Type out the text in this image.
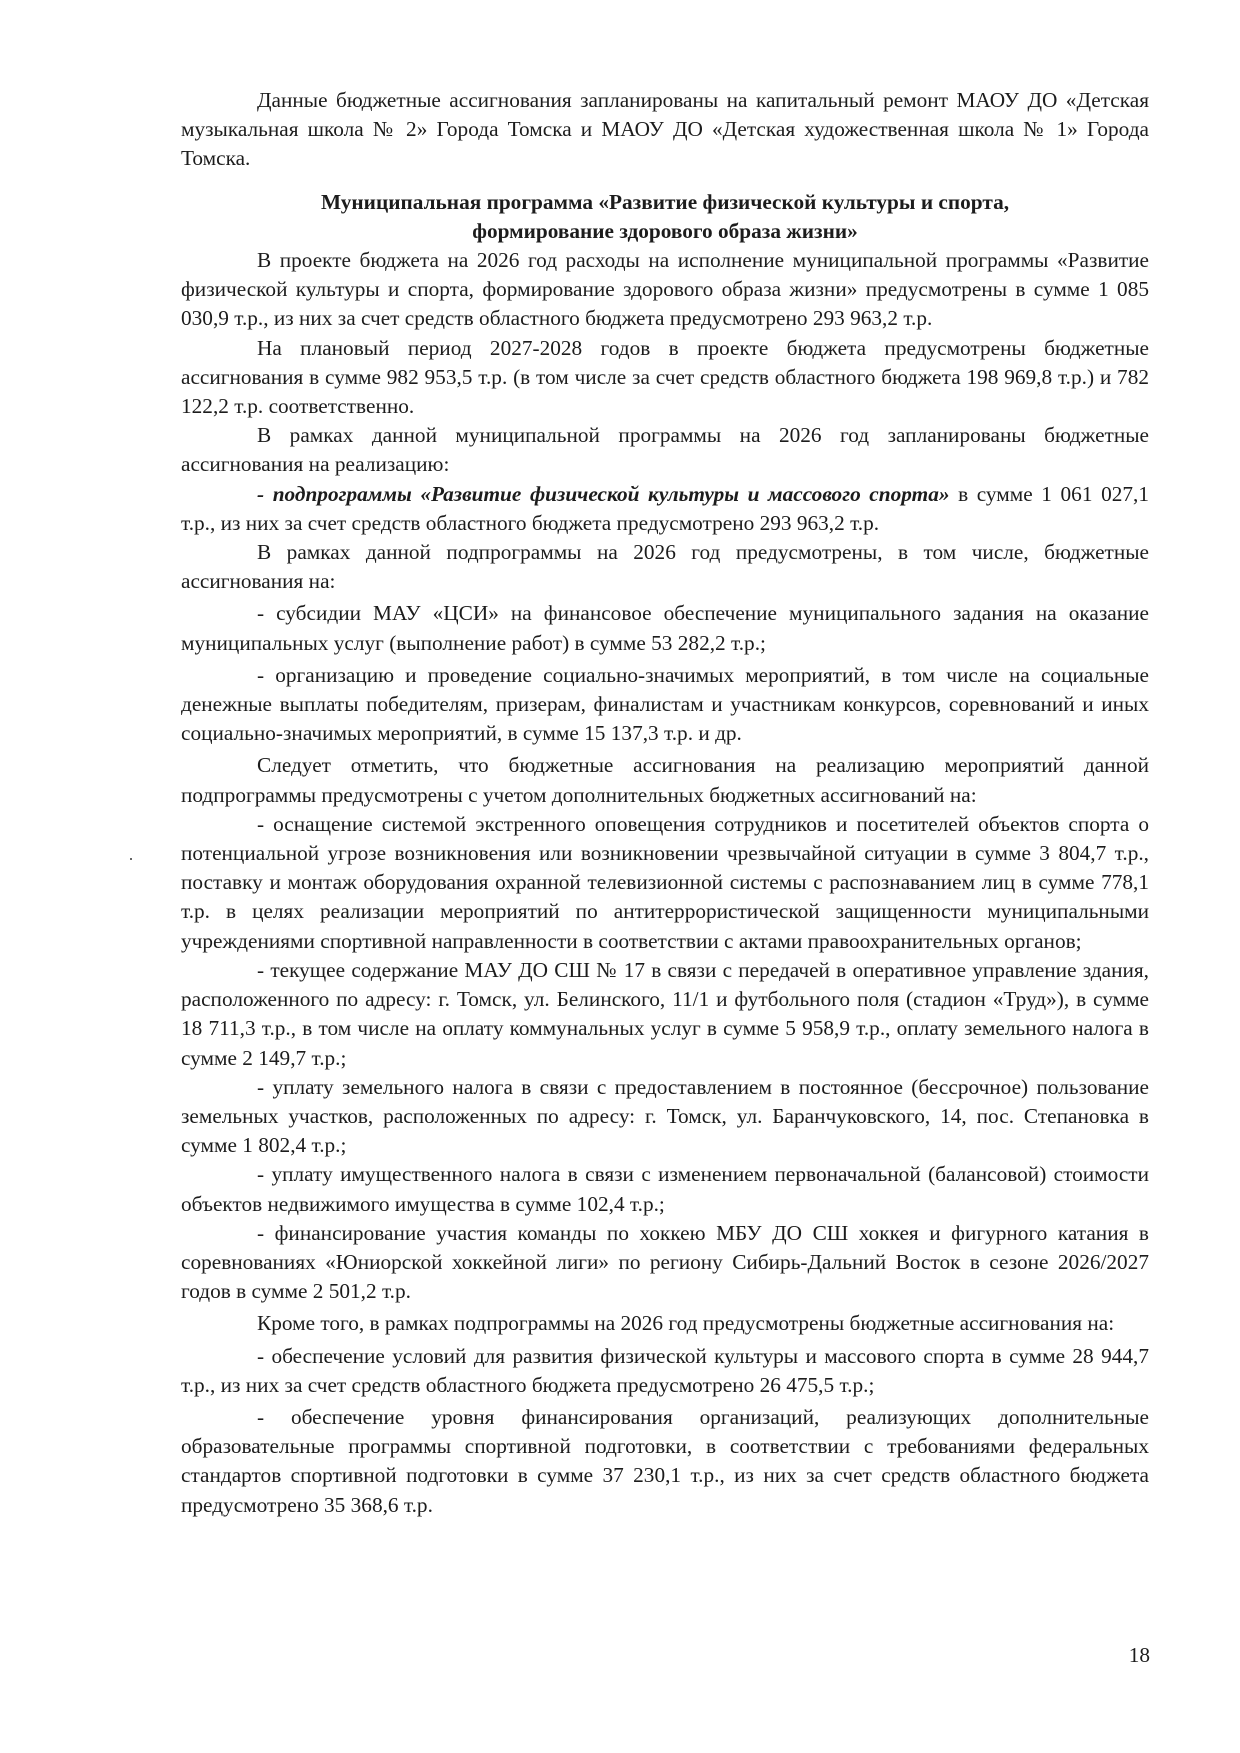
Данные бюджетные ассигнования запланированы на капитальный ремонт МАОУ ДО «Детская музыкальная школа № 2» Города Томска и МАОУ ДО «Детская художественная школа № 1» Города Томска.

Муниципальная программа «Развитие физической культуры и спорта,
формирование здорового образа жизни»

В проекте бюджета на 2026 год расходы на исполнение муниципальной программы «Развитие физической культуры и спорта, формирование здорового образа жизни» предусмотрены в сумме 1 085 030,9 т.р., из них за счет средств областного бюджета предусмотрено 293 963,2 т.р.

На плановый период 2027-2028 годов в проекте бюджета предусмотрены бюджетные ассигнования в сумме 982 953,5 т.р. (в том числе за счет средств областного бюджета 198 969,8 т.р.) и 782 122,2 т.р. соответственно.

В рамках данной муниципальной программы на 2026 год запланированы бюджетные ассигнования на реализацию:

- подпрограммы «Развитие физической культуры и массового спорта» в сумме 1 061 027,1 т.р., из них за счет средств областного бюджета предусмотрено 293 963,2 т.р.

В рамках данной подпрограммы на 2026 год предусмотрены, в том числе, бюджетные ассигнования на:

- субсидии МАУ «ЦСИ» на финансовое обеспечение муниципального задания на оказание муниципальных услуг (выполнение работ) в сумме 53 282,2 т.р.;

- организацию и проведение социально-значимых мероприятий, в том числе на социальные денежные выплаты победителям, призерам, финалистам и участникам конкурсов, соревнований и иных социально-значимых мероприятий, в сумме 15 137,3 т.р. и др.

Следует отметить, что бюджетные ассигнования на реализацию мероприятий данной подпрограммы предусмотрены с учетом дополнительных бюджетных ассигнований на:

- оснащение системой экстренного оповещения сотрудников и посетителей объектов спорта о потенциальной угрозе возникновения или возникновении чрезвычайной ситуации в сумме 3 804,7 т.р., поставку и монтаж оборудования охранной телевизионной системы с распознаванием лиц в сумме 778,1 т.р. в целях реализации мероприятий по антитеррористической защищенности муниципальными учреждениями спортивной направленности в соответствии с актами правоохранительных органов;

- текущее содержание МАУ ДО СШ № 17 в связи с передачей в оперативное управление здания, расположенного по адресу: г. Томск, ул. Белинского, 11/1 и футбольного поля (стадион «Труд»), в сумме 18 711,3 т.р., в том числе на оплату коммунальных услуг в сумме 5 958,9 т.р., оплату земельного налога в сумме 2 149,7 т.р.;

- уплату земельного налога в связи с предоставлением в постоянное (бессрочное) пользование земельных участков, расположенных по адресу: г. Томск, ул. Баранчуковского, 14, пос. Степановка в сумме 1 802,4 т.р.;

- уплату имущественного налога в связи с изменением первоначальной (балансовой) стоимости объектов недвижимого имущества в сумме 102,4 т.р.;

- финансирование участия команды по хоккею МБУ ДО СШ хоккея и фигурного катания в соревнованиях «Юниорской хоккейной лиги» по региону Сибирь-Дальний Восток в сезоне 2026/2027 годов в сумме 2 501,2 т.р.

Кроме того, в рамках подпрограммы на 2026 год предусмотрены бюджетные ассигнования на:

- обеспечение условий для развития физической культуры и массового спорта в сумме 28 944,7 т.р., из них за счет средств областного бюджета предусмотрено 26 475,5 т.р.;

- обеспечение уровня финансирования организаций, реализующих дополнительные образовательные программы спортивной подготовки, в соответствии с требованиями федеральных стандартов спортивной подготовки в сумме 37 230,1 т.р., из них за счет средств областного бюджета предусмотрено 35 368,6 т.р.

18
